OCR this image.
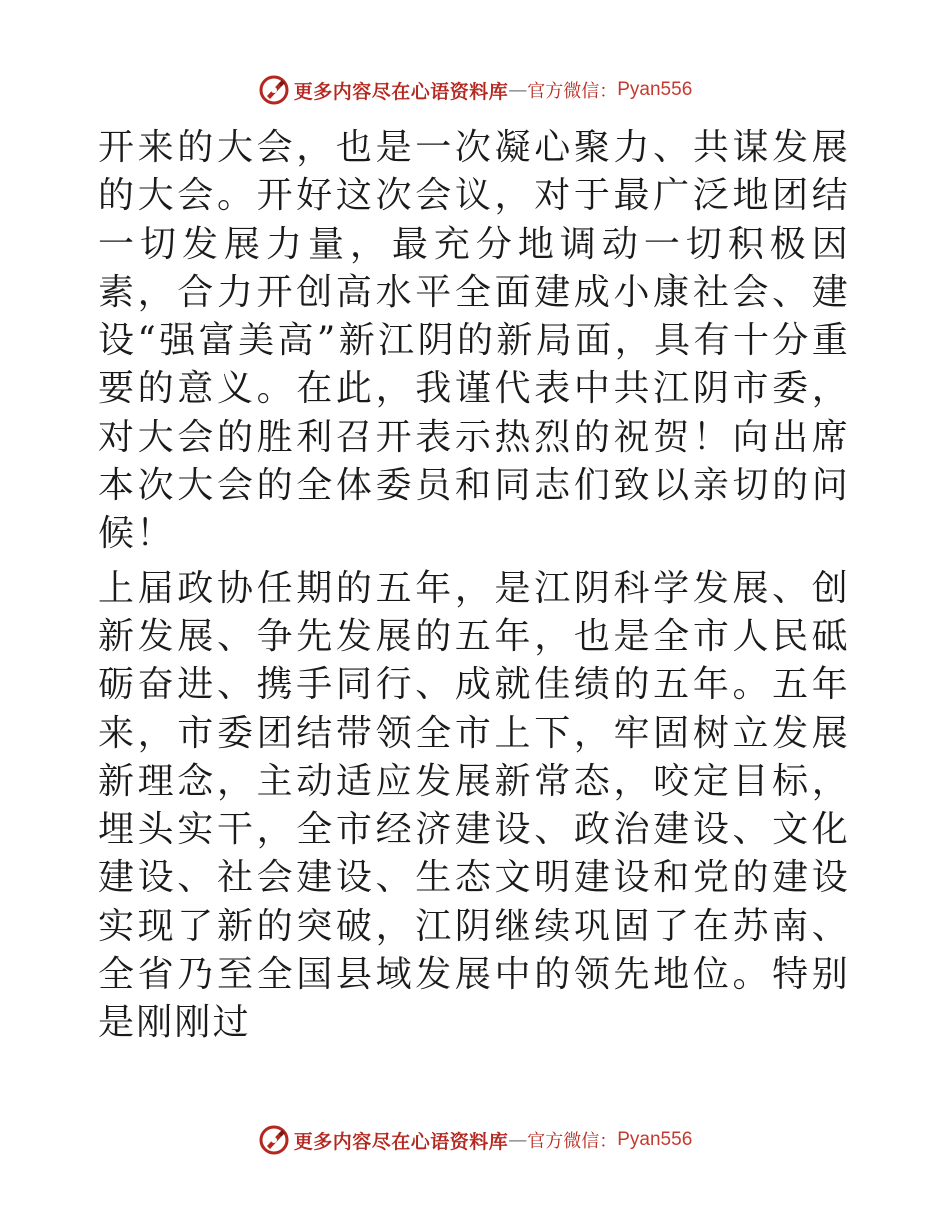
更多内容尽在心语资料库 — 官方微信： Pyan556

开来的大会，也是一次凝心聚力、共谋发展的大会。开好这次会议，对于最广泛地团结一切发展力量，最充分地调动一切积极因素，合力开创高水平全面建成小康社会、建设“强富美高”新江阴的新局面，具有十分重要的意义。在此，我谨代表中共江阴市委，对大会的胜利召开表示热烈的祝贺！向出席本次大会的全体委员和同志们致以亲切的问候！

上届政协任期的五年，是江阴科学发展、创新发展、争先发展的五年，也是全市人民砥砺奋进、携手同行、成就佳绩的五年。五年来，市委团结带领全市上下，牢固树立发展新理念，主动适应发展新常态，咬定目标，埋头实干，全市经济建设、政治建设、文化建设、社会建设、生态文明建设和党的建设实现了新的突破，江阴继续巩固了在苏南、全省乃至全国县域发展中的领先地位。特别是刚刚过

更多内容尽在心语资料库 — 官方微信： Pyan556
